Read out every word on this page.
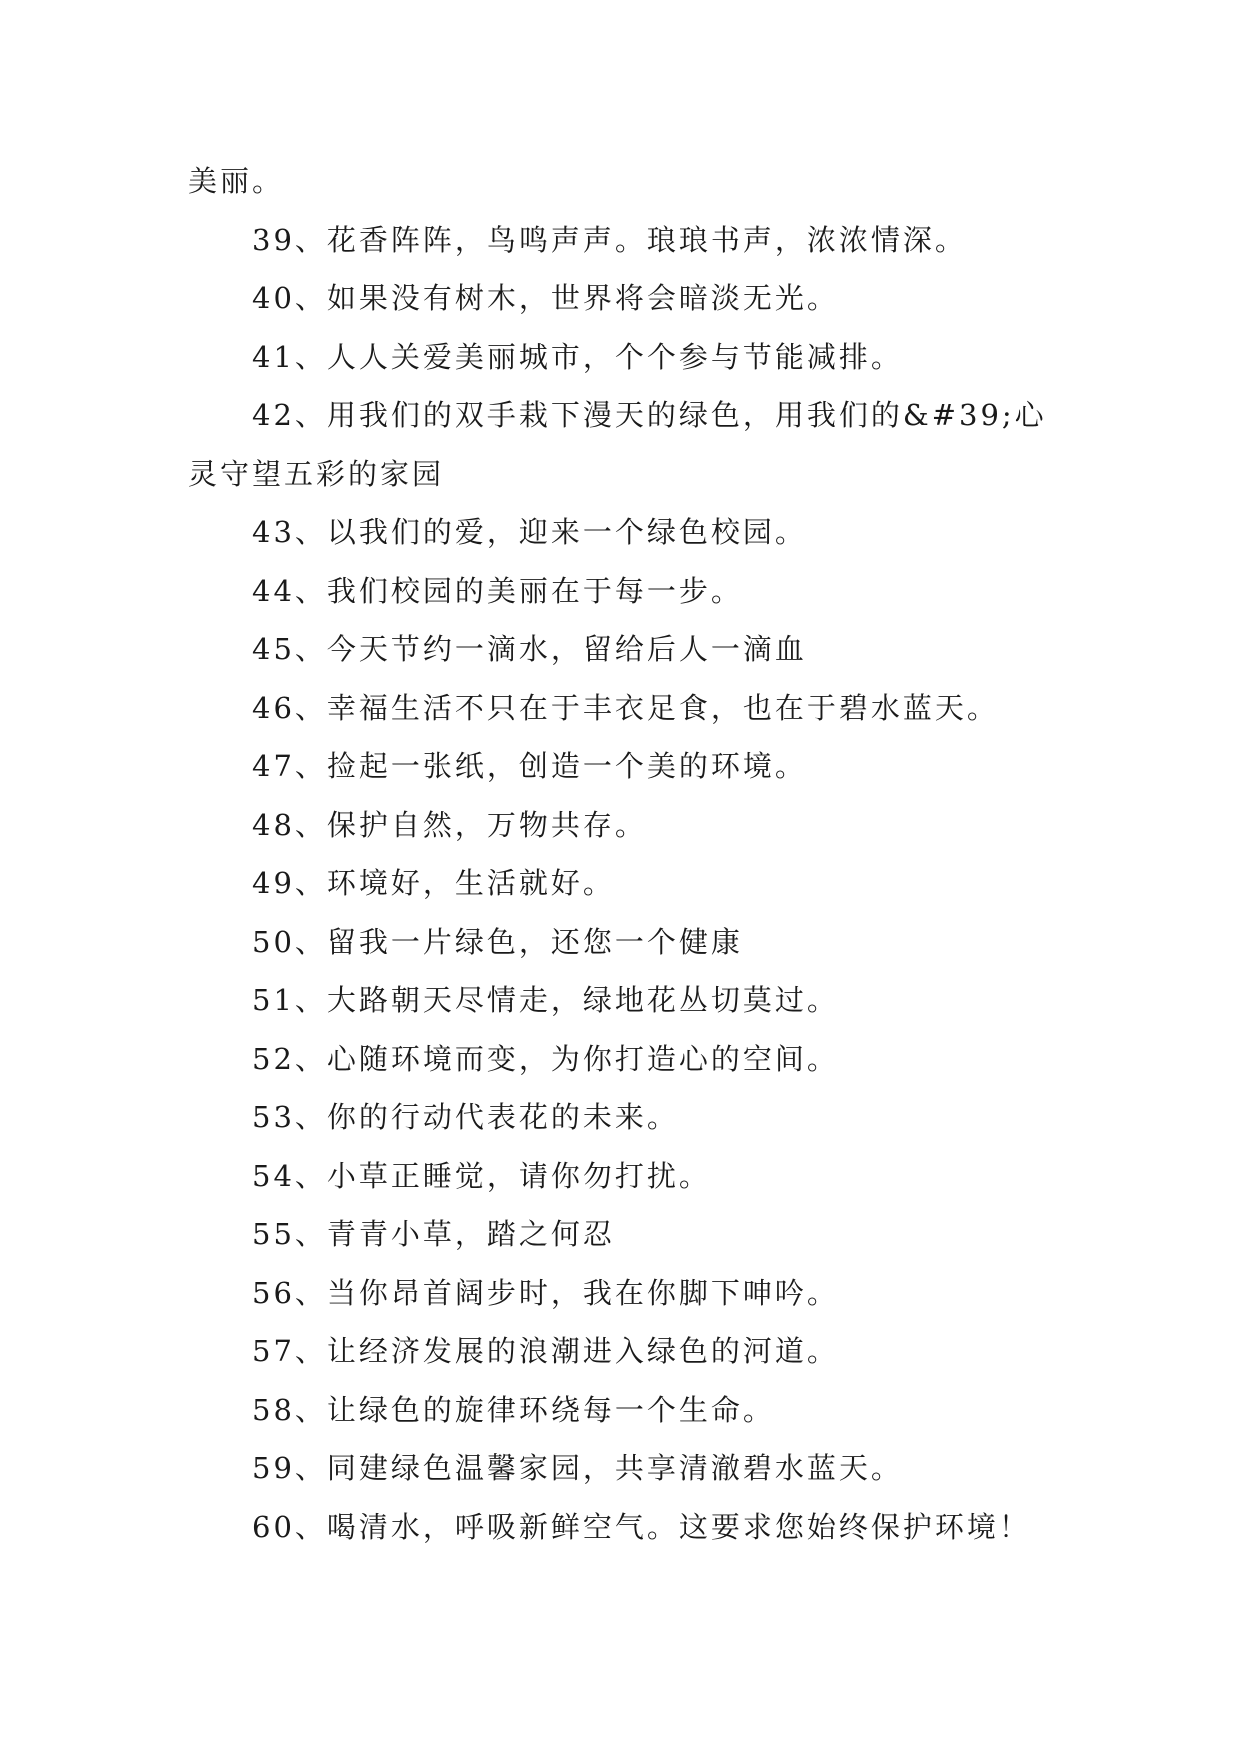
美丽。
39、花香阵阵，鸟鸣声声。琅琅书声，浓浓情深。
40、如果没有树木，世界将会暗淡无光。
41、人人关爱美丽城市，个个参与节能减排。
42、用我们的双手栽下漫天的绿色，用我们的&#39;心
灵守望五彩的家园
43、以我们的爱，迎来一个绿色校园。
44、我们校园的美丽在于每一步。
45、今天节约一滴水，留给后人一滴血
46、幸福生活不只在于丰衣足食，也在于碧水蓝天。
47、捡起一张纸，创造一个美的环境。
48、保护自然，万物共存。
49、环境好，生活就好。
50、留我一片绿色，还您一个健康
51、大路朝天尽情走，绿地花丛切莫过。
52、心随环境而变，为你打造心的空间。
53、你的行动代表花的未来。
54、小草正睡觉，请你勿打扰。
55、青青小草，踏之何忍
56、当你昂首阔步时，我在你脚下呻吟。
57、让经济发展的浪潮进入绿色的河道。
58、让绿色的旋律环绕每一个生命。
59、同建绿色温馨家园，共享清澈碧水蓝天。
60、喝清水，呼吸新鲜空气。这要求您始终保护环境！
